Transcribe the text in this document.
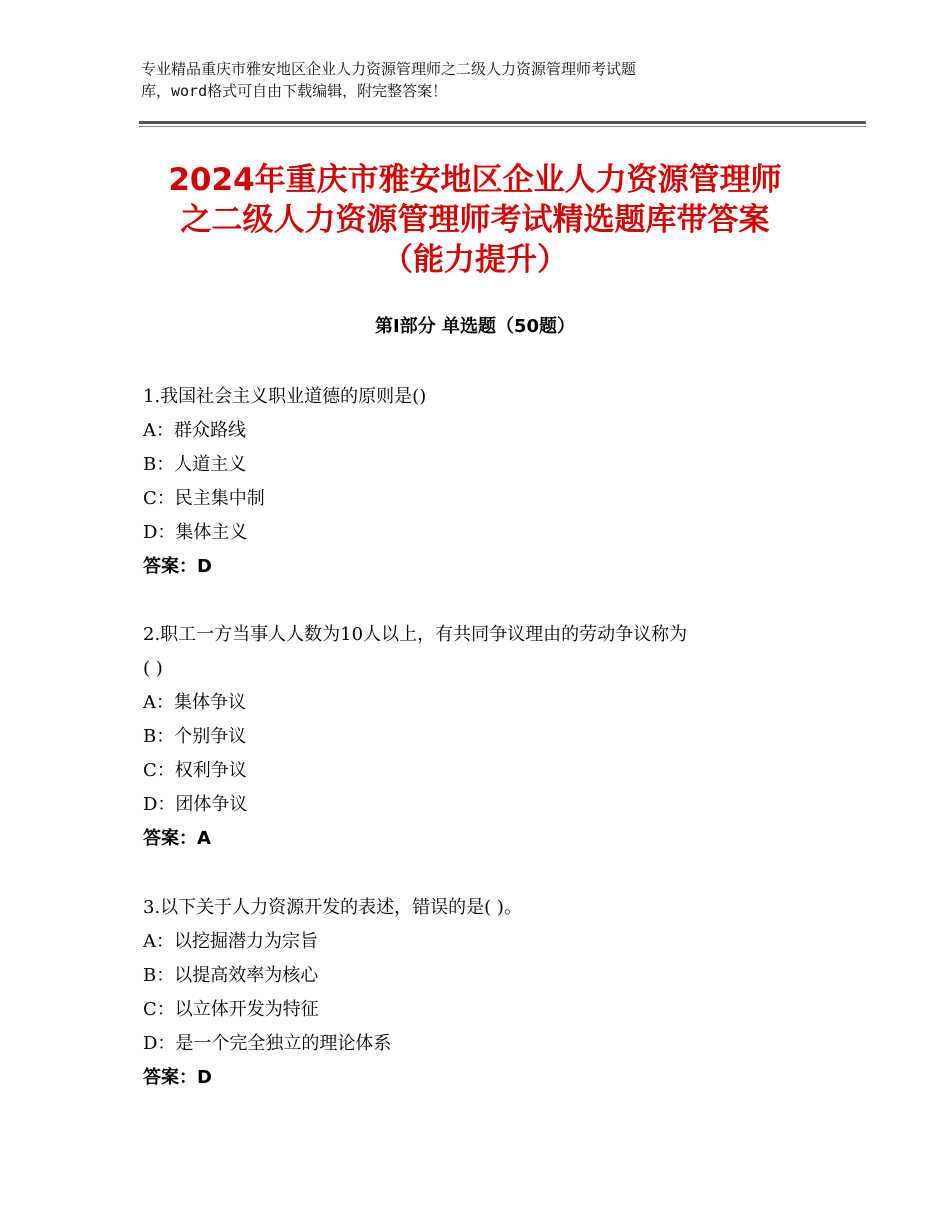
专业精品重庆市雅安地区企业人力资源管理师之二级人力资源管理师考试题
库，word格式可自由下载编辑，附完整答案！
2024年重庆市雅安地区企业人力资源管理师
之二级人力资源管理师考试精选题库带答案
（能力提升）
第Ⅰ部分 单选题（50题）
1.我国社会主义职业道德的原则是()
A：群众路线
B：人道主义
C：民主集中制
D：集体主义
答案：D
2.职工一方当事人人数为10人以上，有共同争议理由的劳动争议称为
( )
A：集体争议
B：个别争议
C：权利争议
D：团体争议
答案：A
3.以下关于人力资源开发的表述，错误的是( )。
A：以挖掘潜力为宗旨
B：以提高效率为核心
C：以立体开发为特征
D：是一个完全独立的理论体系
答案：D
